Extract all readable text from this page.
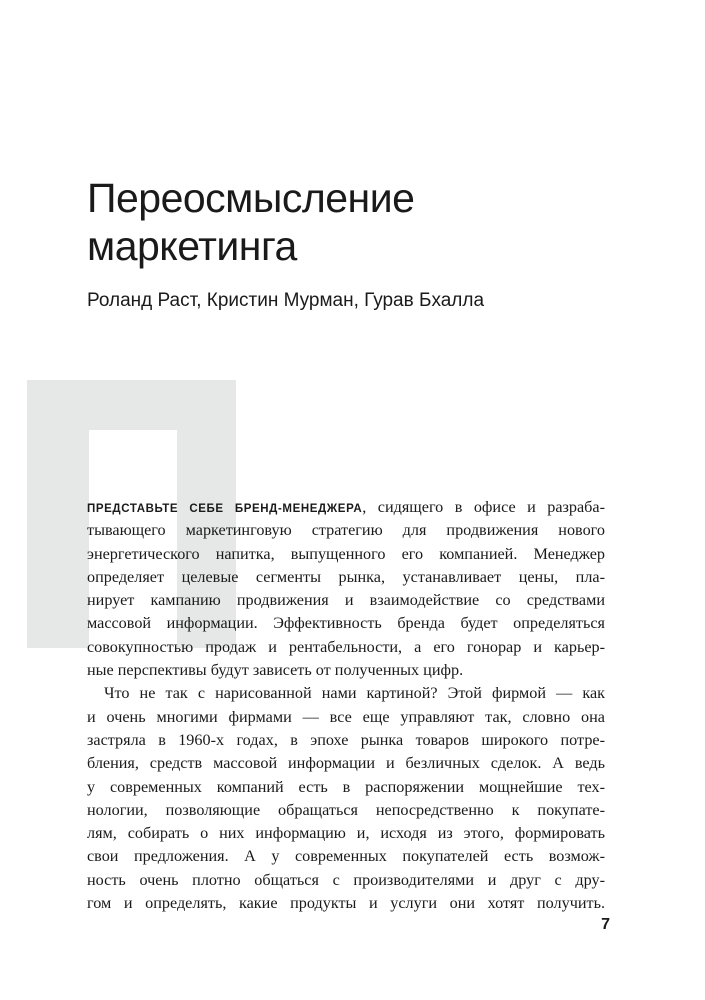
Переосмысление
маркетинга
Роланд Раст, Кристин Мурман, Гурав Бхалла
ПРЕДСТАВЬТЕ СЕБЕ БРЕНД-МЕНЕДЖЕРА, сидящего в офисе и разраба-
тывающего маркетинговую стратегию для продвижения нового
энергетического напитка, выпущенного его компанией. Менеджер
определяет целевые сегменты рынка, устанавливает цены, пла-
нирует кампанию продвижения и взаимодействие со средствами
массовой информации. Эффективность бренда будет определяться
совокупностью продаж и рентабельности, а его гонорар и карьер-
ные перспективы будут зависеть от полученных цифр.
Что не так с нарисованной нами картиной? Этой фирмой — как
и очень многими фирмами — все еще управляют так, словно она
застряла в 1960-х годах, в эпохе рынка товаров широкого потре-
бления, средств массовой информации и безличных сделок. А ведь
у современных компаний есть в распоряжении мощнейшие тех-
нологии, позволяющие обращаться непосредственно к покупате-
лям, собирать о них информацию и, исходя из этого, формировать
свои предложения. А у современных покупателей есть возмож-
ность очень плотно общаться с производителями и друг с дру-
гом и определять, какие продукты и услуги они хотят получить.
7
